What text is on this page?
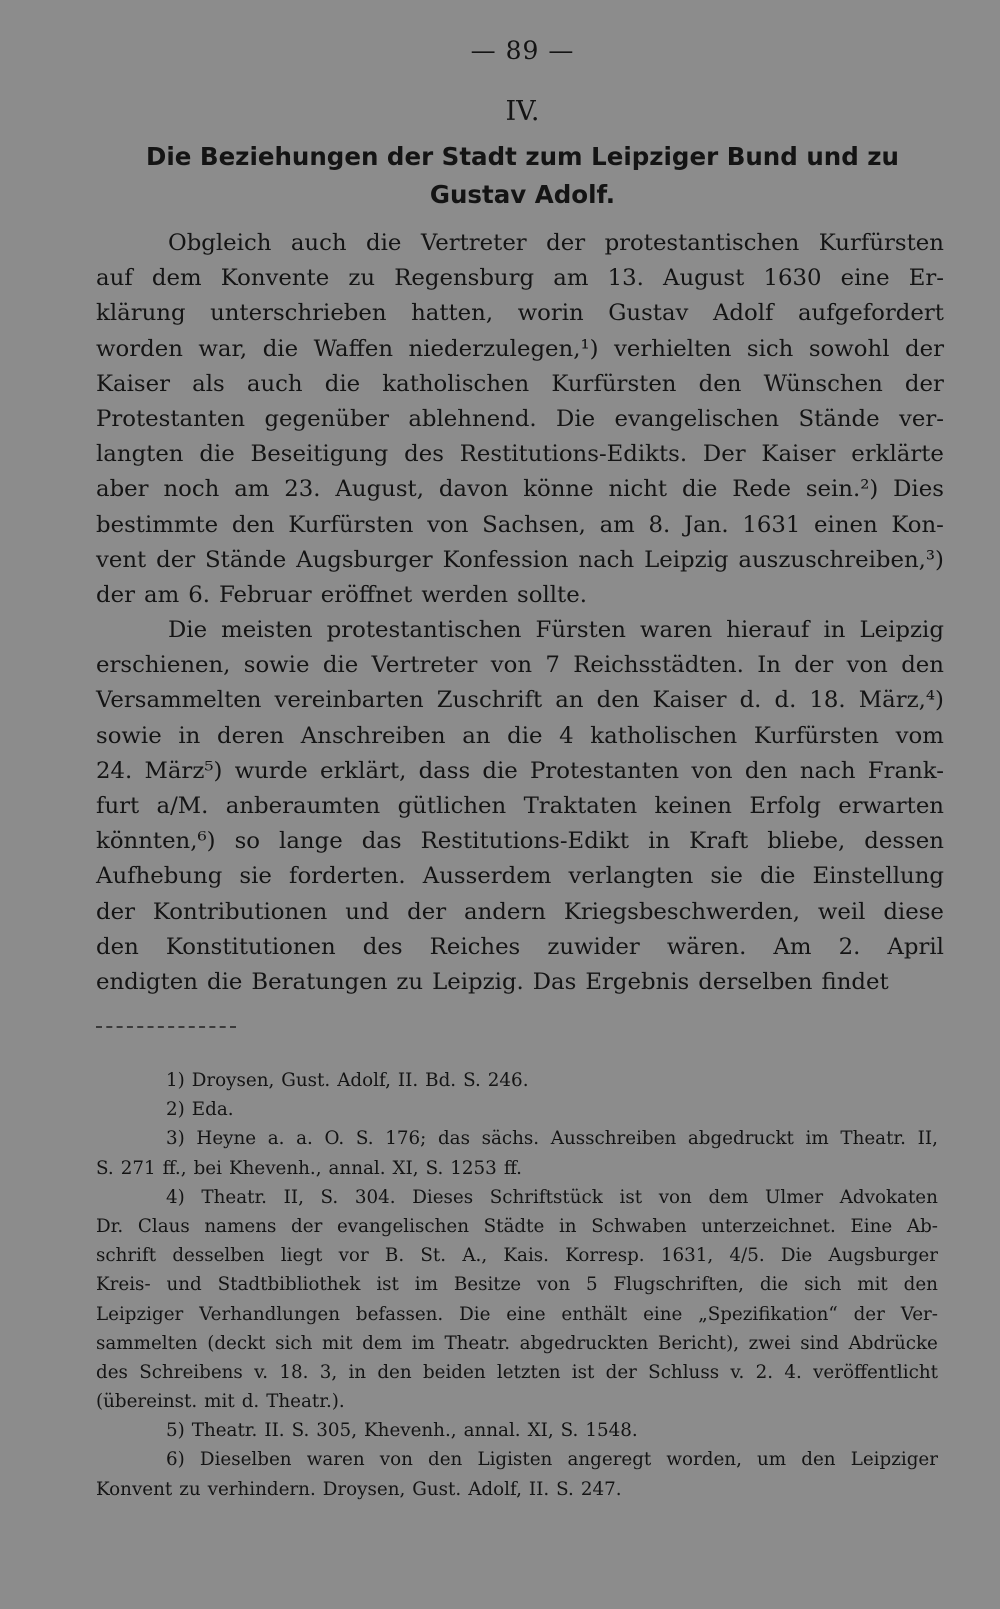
— 89 —
IV.
Die Beziehungen der Stadt zum Leipziger Bund und zu Gustav Adolf.
Obgleich auch die Vertreter der protestantischen Kurfürsten
auf dem Konvente zu Regensburg am 13. August 1630 eine Er-
klärung unterschrieben hatten, worin Gustav Adolf aufgefordert
worden war, die Waffen niederzulegen,¹) verhielten sich sowohl der
Kaiser als auch die katholischen Kurfürsten den Wünschen der
Protestanten gegenüber ablehnend. Die evangelischen Stände ver-
langten die Beseitigung des Restitutions-Edikts. Der Kaiser erklärte
aber noch am 23. August, davon könne nicht die Rede sein.²) Dies
bestimmte den Kurfürsten von Sachsen, am 8. Jan. 1631 einen Kon-
vent der Stände Augsburger Konfession nach Leipzig auszuschreiben,³)
der am 6. Februar eröffnet werden sollte.
Die meisten protestantischen Fürsten waren hierauf in Leipzig
erschienen, sowie die Vertreter von 7 Reichsstädten. In der von den
Versammelten vereinbarten Zuschrift an den Kaiser d. d. 18. März,⁴)
sowie in deren Anschreiben an die 4 katholischen Kurfürsten vom
24. März⁵) wurde erklärt, dass die Protestanten von den nach Frank-
furt a/M. anberaumten gütlichen Traktaten keinen Erfolg erwarten
könnten,⁶) so lange das Restitutions-Edikt in Kraft bliebe, dessen
Aufhebung sie forderten. Ausserdem verlangten sie die Einstellung
der Kontributionen und der andern Kriegsbeschwerden, weil diese
den Konstitutionen des Reiches zuwider wären. Am 2. April
endigten die Beratungen zu Leipzig. Das Ergebnis derselben findet
1) Droysen, Gust. Adolf, II. Bd. S. 246.
2) Eda.
3) Heyne a. a. O. S. 176; das sächs. Ausschreiben abgedruckt im Theatr. II,
S. 271 ff., bei Khevenh., annal. XI, S. 1253 ff.
4) Theatr. II, S. 304. Dieses Schriftstück ist von dem Ulmer Advokaten
Dr. Claus namens der evangelischen Städte in Schwaben unterzeichnet. Eine Ab-
schrift desselben liegt vor B. St. A., Kais. Korresp. 1631, 4/5. Die Augsburger
Kreis- und Stadtbibliothek ist im Besitze von 5 Flugschriften, die sich mit den
Leipziger Verhandlungen befassen. Die eine enthält eine „Spezifikation“ der Ver-
sammelten (deckt sich mit dem im Theatr. abgedruckten Bericht), zwei sind Abdrücke
des Schreibens v. 18. 3, in den beiden letzten ist der Schluss v. 2. 4. veröffentlicht
(übereinst. mit d. Theatr.).
5) Theatr. II. S. 305, Khevenh., annal. XI, S. 1548.
6) Dieselben waren von den Ligisten angeregt worden, um den Leipziger
Konvent zu verhindern. Droysen, Gust. Adolf, II. S. 247.
